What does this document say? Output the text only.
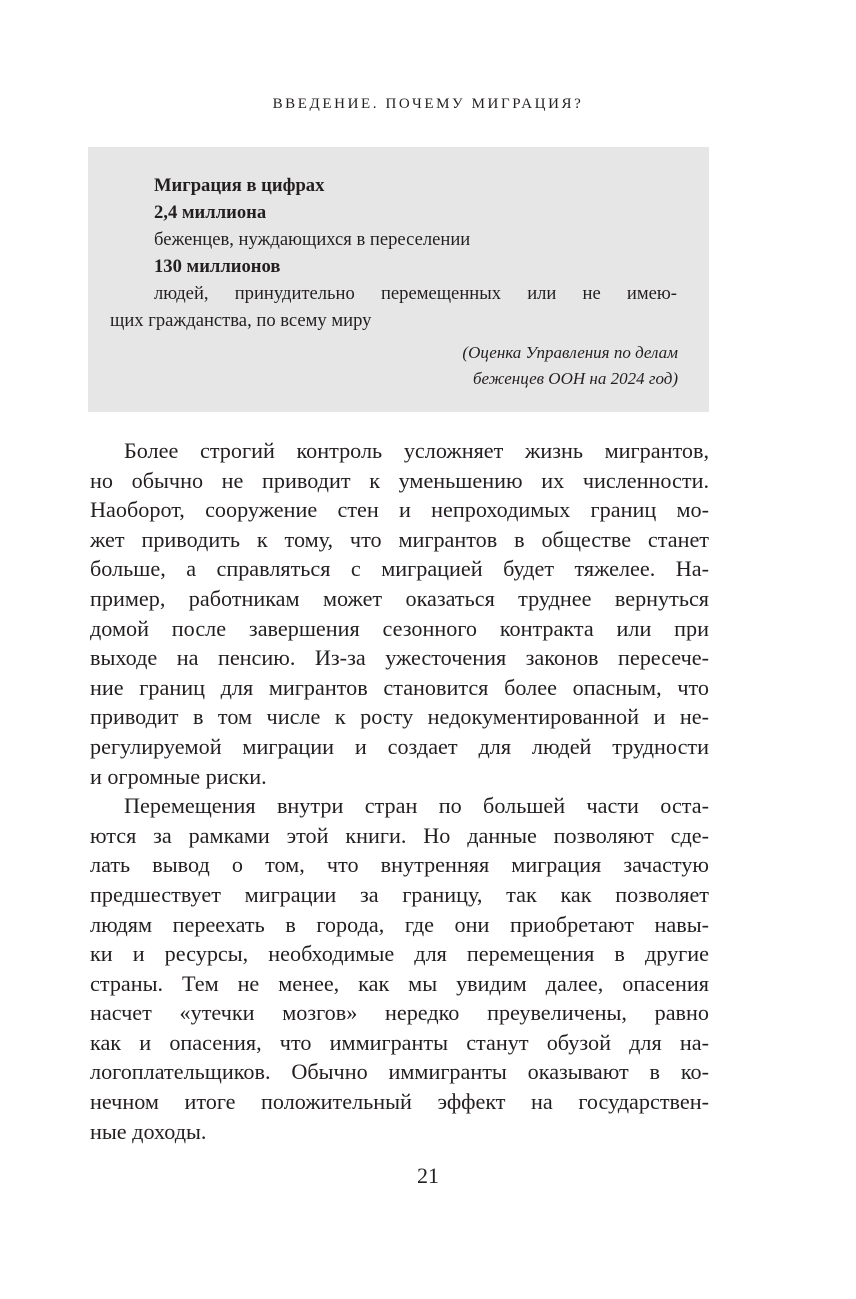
ВВЕДЕНИЕ. ПОЧЕМУ МИГРАЦИЯ?
Миграция в цифрах
2,4 миллиона
беженцев, нуждающихся в переселении
130 миллионов
людей, принудительно перемещенных или не имею-
щих гражданства, по всему миру
(Оценка Управления по делам
беженцев ООН на 2024 год)
Более строгий контроль усложняет жизнь мигрантов,
но обычно не приводит к уменьшению их численности.
Наоборот, сооружение стен и непроходимых границ мо-
жет приводить к тому, что мигрантов в обществе станет
больше, а справляться с миграцией будет тяжелее. На-
пример, работникам может оказаться труднее вернуться
домой после завершения сезонного контракта или при
выходе на пенсию. Из-за ужесточения законов пересече-
ние границ для мигрантов становится более опасным, что
приводит в том числе к росту недокументированной и не-
регулируемой миграции и создает для людей трудности
и огромные риски.
Перемещения внутри стран по большей части оста-
ются за рамками этой книги. Но данные позволяют сде-
лать вывод о том, что внутренняя миграция зачастую
предшествует миграции за границу, так как позволяет
людям переехать в города, где они приобретают навы-
ки и ресурсы, необходимые для перемещения в другие
страны. Тем не менее, как мы увидим далее, опасения
насчет «утечки мозгов» нередко преувеличены, равно
как и опасения, что иммигранты станут обузой для на-
логоплательщиков. Обычно иммигранты оказывают в ко-
нечном итоге положительный эффект на государствен-
ные доходы.
21
